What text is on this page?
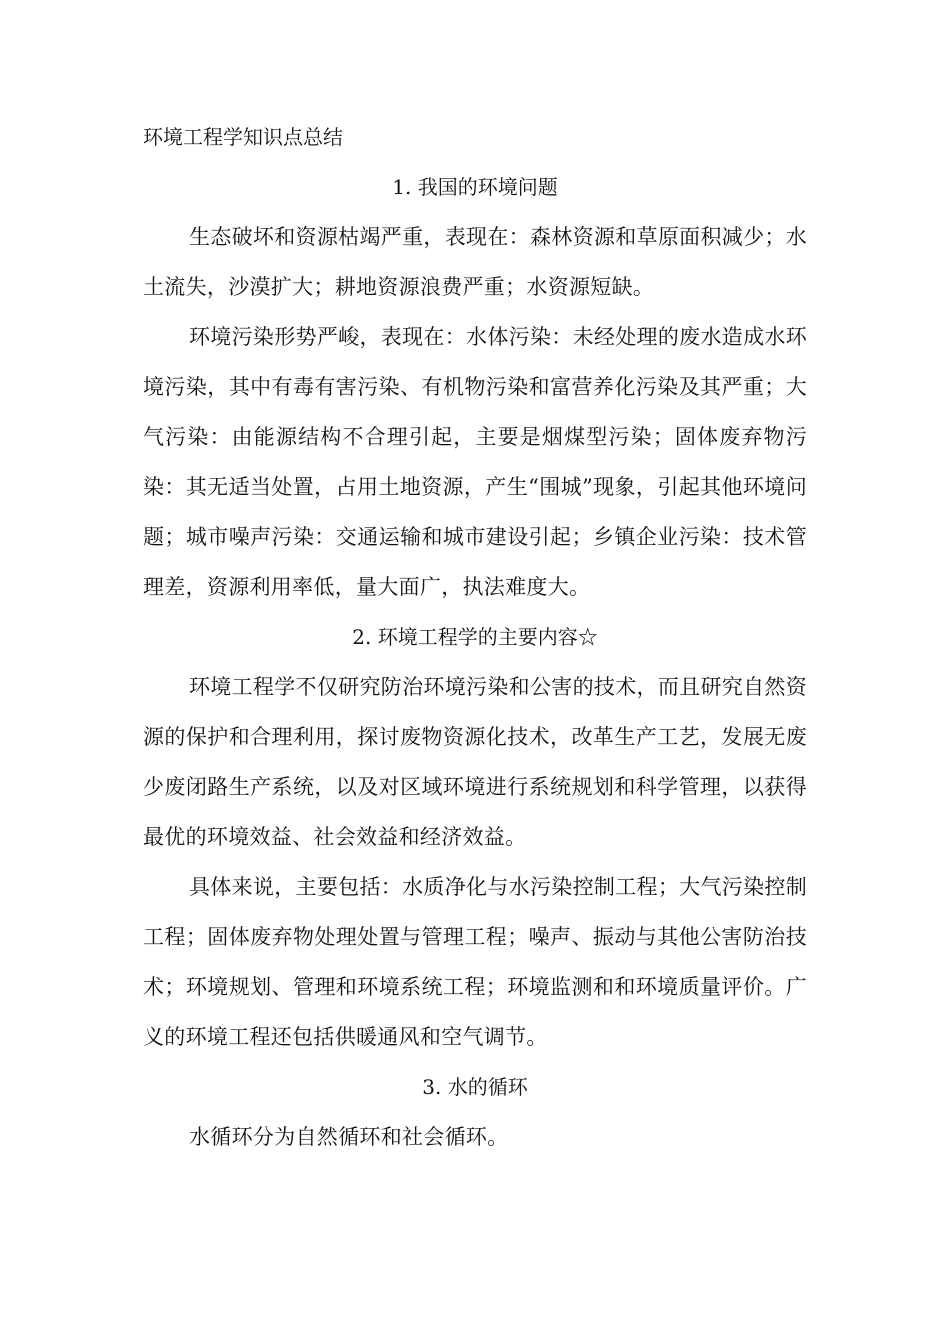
环境工程学知识点总结

1. 我国的环境问题

生态破坏和资源枯竭严重，表现在：森林资源和草原面积减少；水土流失，沙漠扩大；耕地资源浪费严重；水资源短缺。

环境污染形势严峻，表现在：水体污染：未经处理的废水造成水环境污染，其中有毒有害污染、有机物污染和富营养化污染及其严重；大气污染：由能源结构不合理引起，主要是烟煤型污染；固体废弃物污染：其无适当处置，占用土地资源，产生“围城”现象，引起其他环境问题；城市噪声污染：交通运输和城市建设引起；乡镇企业污染：技术管理差，资源利用率低，量大面广，执法难度大。

2. 环境工程学的主要内容☆

环境工程学不仅研究防治环境污染和公害的技术，而且研究自然资源的保护和合理利用，探讨废物资源化技术，改革生产工艺，发展无废少废闭路生产系统，以及对区域环境进行系统规划和科学管理，以获得最优的环境效益、社会效益和经济效益。

具体来说，主要包括：水质净化与水污染控制工程；大气污染控制工程；固体废弃物处理处置与管理工程；噪声、振动与其他公害防治技术；环境规划、管理和环境系统工程；环境监测和和环境质量评价。广义的环境工程还包括供暖通风和空气调节。

3. 水的循环

水循环分为自然循环和社会循环。
